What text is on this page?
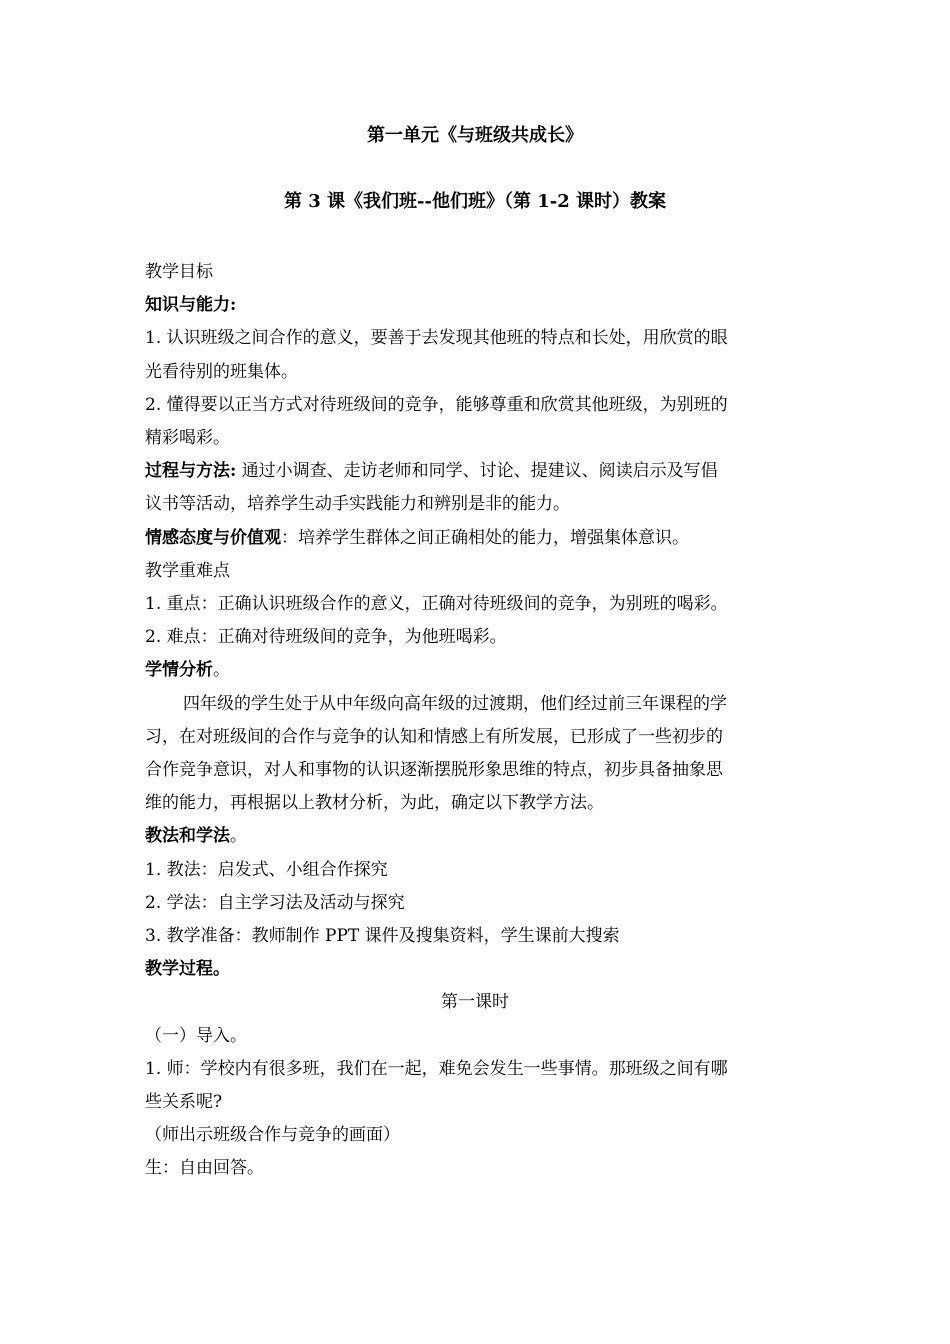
第一单元《与班级共成长》
第 3 课《我们班--他们班》（第 1-2 课时）教案

教学目标

知识与能力:

1. 认识班级之间合作的意义，要善于去发现其他班的特点和长处，用欣赏的眼

光看待别的班集体。

2. 懂得要以正当方式对待班级间的竞争，能够尊重和欣赏其他班级，为别班的

精彩喝彩。

过程与方法: 通过小调查、走访老师和同学、讨论、提建议、阅读启示及写倡

议书等活动，培养学生动手实践能力和辨别是非的能力。

情感态度与价值观：培养学生群体之间正确相处的能力，增强集体意识。

教学重难点

1. 重点：正确认识班级合作的意义，正确对待班级间的竞争，为别班的喝彩。

2. 难点：正确对待班级间的竞争，为他班喝彩。

学情分析。

四年级的学生处于从中年级向高年级的过渡期，他们经过前三年课程的学

习，在对班级间的合作与竞争的认知和情感上有所发展，已形成了一些初步的

合作竞争意识，对人和事物的认识逐渐摆脱形象思维的特点，初步具备抽象思

维的能力，再根据以上教材分析，为此，确定以下教学方法。

教法和学法。

1. 教法：启发式、小组合作探究

2. 学法：自主学习法及活动与探究

3. 教学准备：教师制作 PPT 课件及搜集资料，学生课前大搜索

教学过程。

第一课时

（一）导入。

1. 师：学校内有很多班，我们在一起，难免会发生一些事情。那班级之间有哪

些关系呢?

（师出示班级合作与竞争的画面）

生：自由回答。
